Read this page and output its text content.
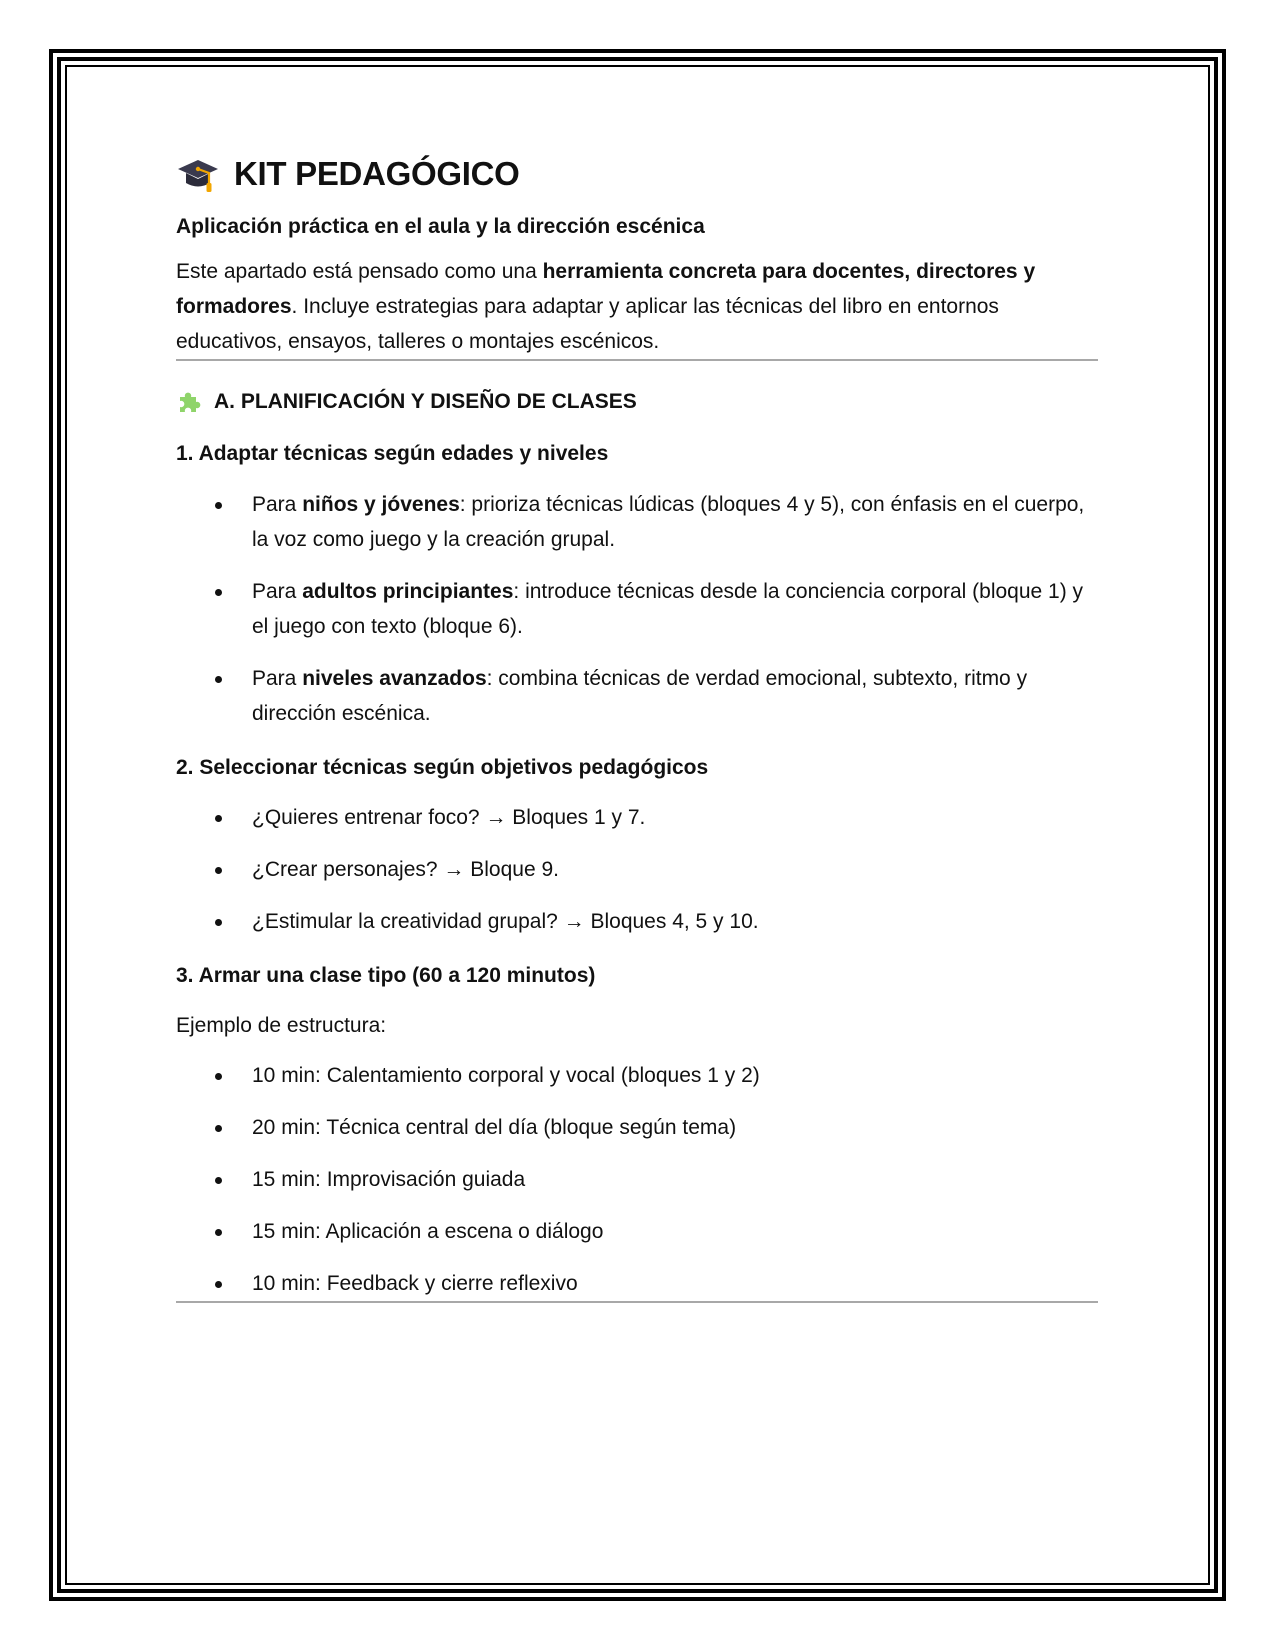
KIT PEDAGÓGICO

Aplicación práctica en el aula y la dirección escénica

Este apartado está pensado como una herramienta concreta para docentes, directores y formadores. Incluye estrategias para adaptar y aplicar las técnicas del libro en entornos educativos, ensayos, talleres o montajes escénicos.

A. PLANIFICACIÓN Y DISEÑO DE CLASES
1. Adaptar técnicas según edades y niveles
Para niños y jóvenes: prioriza técnicas lúdicas (bloques 4 y 5), con énfasis en el cuerpo, la voz como juego y la creación grupal.
Para adultos principiantes: introduce técnicas desde la conciencia corporal (bloque 1) y el juego con texto (bloque 6).
Para niveles avanzados: combina técnicas de verdad emocional, subtexto, ritmo y dirección escénica.
2. Seleccionar técnicas según objetivos pedagógicos
¿Quieres entrenar foco? → Bloques 1 y 7.
¿Crear personajes? → Bloque 9.
¿Estimular la creatividad grupal? → Bloques 4, 5 y 10.
3. Armar una clase tipo (60 a 120 minutos)

Ejemplo de estructura:

10 min: Calentamiento corporal y vocal (bloques 1 y 2)
20 min: Técnica central del día (bloque según tema)
15 min: Improvisación guiada
15 min: Aplicación a escena o diálogo
10 min: Feedback y cierre reflexivo
